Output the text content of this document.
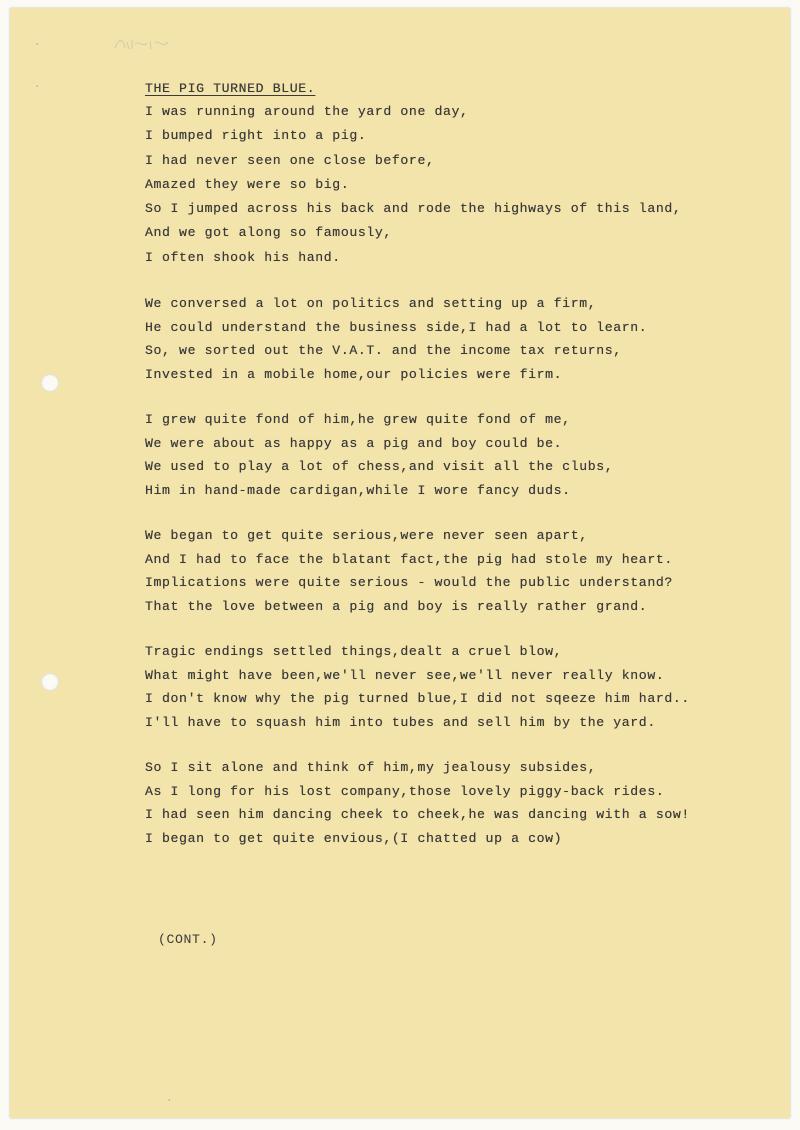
·
·
·
THE PIG TURNED BLUE.
I was running around the yard one day,
I bumped right into a pig.
I had never seen one close before,
Amazed they were so big.
So I jumped across his back and rode the highways of this land,
And we got along so famously,
I often shook his hand.
We conversed a lot on politics and setting up a firm,
He could understand the business side,I had a lot to learn.
So, we sorted out the V.A.T. and the income tax returns,
Invested in a mobile home,our policies were firm.
I grew quite fond of him,he grew quite fond of me,
We were about as happy as a pig and boy could be.
We used to play a lot of chess,and visit all the clubs,
Him in hand-made cardigan,while I wore fancy duds.
We began to get quite serious,were never seen apart,
And I had to face the blatant fact,the pig had stole my heart.
Implications were quite serious - would the public understand?
That the love between a pig and boy is really rather grand.
Tragic endings settled things,dealt a cruel blow,
What might have been,we'll never see,we'll never really know.
I don't know why the pig turned blue,I did not sqeeze him hard..
I'll have to squash him into tubes and sell him by the yard.
So I sit alone and think of him,my jealousy subsides,
As I long for his lost company,those lovely piggy-back rides.
I had seen him dancing cheek to cheek,he was dancing with a sow!
I began to get quite envious,(I chatted up a cow)
(CONT.)
